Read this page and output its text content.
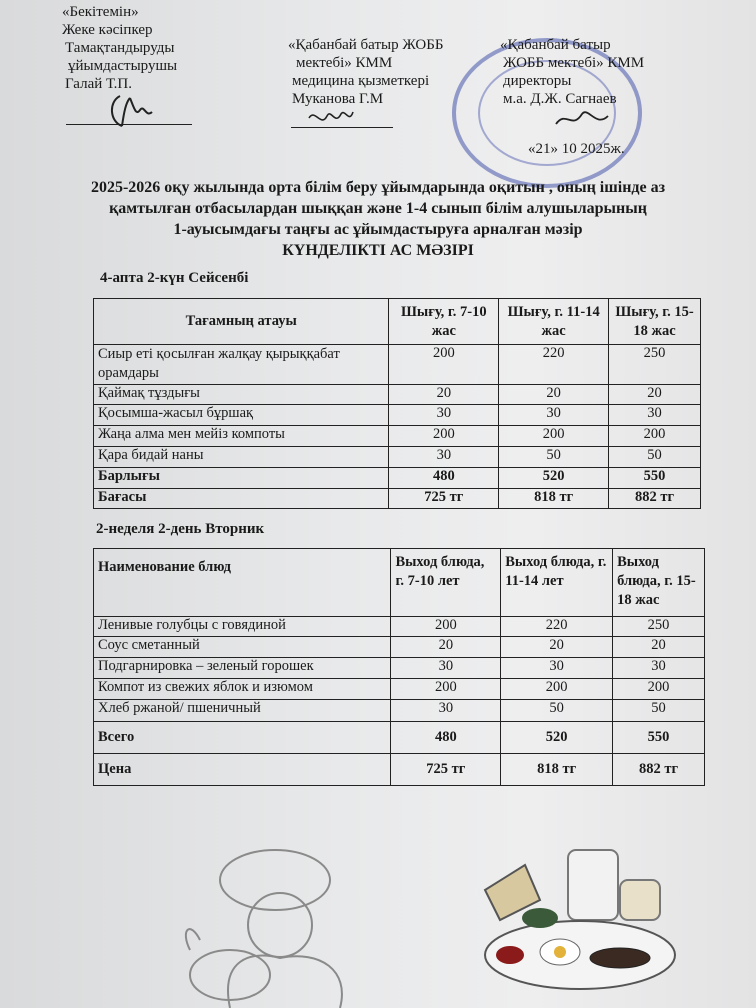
«Бекітемін»
Жеке кәсіпкер
Тамақтандыруды
ұйымдастырушы
Галай Т.П.
«Қабанбай батыр ЖОББ
мектебі» КММ
медицина қызметкері
Муканова Г.М
«Қабанбай батыр
ЖОББ мектебі» КММ
директоры
м.а. Д.Ж. Сагнаев
«21» 10 2025ж.
2025-2026 оқу жылында орта білім беру ұйымдарында оқитын , оның ішінде аз
қамтылған отбасылардан шыққан және 1-4 сынып білім алушыларының
1-ауысымдағы таңғы ас ұйымдастыруға арналған мәзір
КҮНДЕЛІКТІ АС МӘЗІРІ
4-апта 2-күн Сейсенбі
Тағамның атауы	Шығу, г. 7-10 жас	Шығу, г. 11-14 жас	Шығу, г. 15-18 жас
Сиыр еті қосылған жалқау қырыққабат орамдары	200	220	250
Қаймақ тұздығы	20	20	20
Қосымша-жасыл бұршақ	30	30	30
Жаңа алма мен мейіз компоты	200	200	200
Қара бидай наны	30	50	50
Барлығы	480	520	550
Бағасы	725 тг	818 тг	882 тг
2-неделя 2-день Вторник
Наименование блюд	Выход блюда, г. 7-10 лет	Выход блюда, г. 11-14 лет	Выход блюда, г. 15-18 жас
Ленивые голубцы с говядиной	200	220	250
Соус сметанный	20	20	20
Подгарнировка – зеленый горошек	30	30	30
Компот из свежих яблок и изюмом	200	200	200
Хлеб ржаной/ пшеничный	30	50	50
Всего	480	520	550
Цена	725 тг	818 тг	882 тг
